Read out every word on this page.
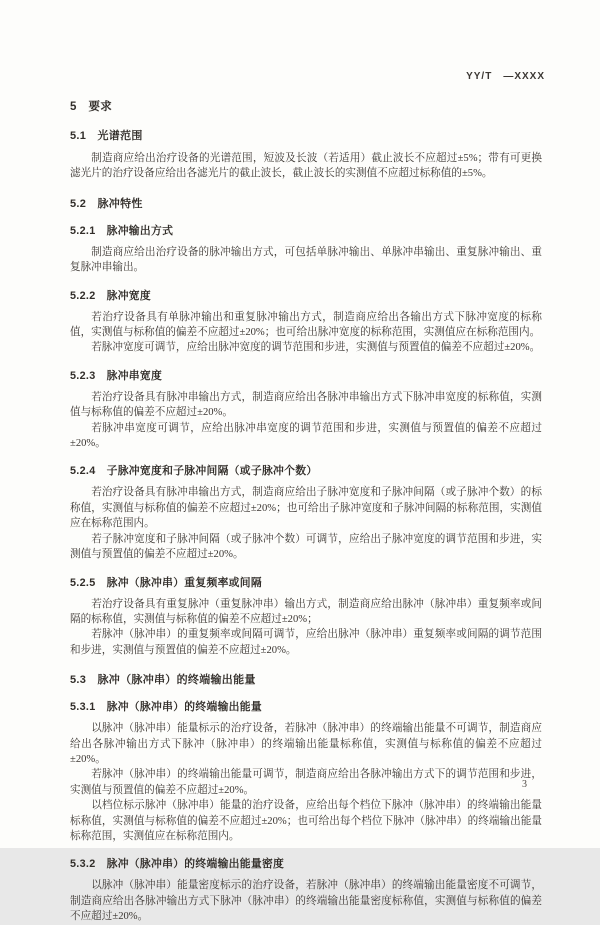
YY/T　—XXXX
5　要求
5.1　光谱范围

制造商应给出治疗设备的光谱范围，短波及长波（若适用）截止波长不应超过±5%；带有可更换滤光片的治疗设备应给出各滤光片的截止波长，截止波长的实测值不应超过标称值的±5%。

5.2　脉冲特性
5.2.1　脉冲输出方式

制造商应给出治疗设备的脉冲输出方式，可包括单脉冲输出、单脉冲串输出、重复脉冲输出、重复脉冲串输出。

5.2.2　脉冲宽度

若治疗设备具有单脉冲输出和重复脉冲输出方式，制造商应给出各输出方式下脉冲宽度的标称值，实测值与标称值的偏差不应超过±20%；也可给出脉冲宽度的标称范围，实测值应在标称范围内。

若脉冲宽度可调节，应给出脉冲宽度的调节范围和步进，实测值与预置值的偏差不应超过±20%。

5.2.3　脉冲串宽度

若治疗设备具有脉冲串输出方式，制造商应给出各脉冲串输出方式下脉冲串宽度的标称值，实测值与标称值的偏差不应超过±20%。

若脉冲串宽度可调节，应给出脉冲串宽度的调节范围和步进，实测值与预置值的偏差不应超过±20%。

5.2.4　子脉冲宽度和子脉冲间隔（或子脉冲个数）

若治疗设备具有脉冲串输出方式，制造商应给出子脉冲宽度和子脉冲间隔（或子脉冲个数）的标称值，实测值与标称值的偏差不应超过±20%；也可给出子脉冲宽度和子脉冲间隔的标称范围，实测值应在标称范围内。

若子脉冲宽度和子脉冲间隔（或子脉冲个数）可调节，应给出子脉冲宽度的调节范围和步进，实测值与预置值的偏差不应超过±20%。

5.2.5　脉冲（脉冲串）重复频率或间隔

若治疗设备具有重复脉冲（重复脉冲串）输出方式，制造商应给出脉冲（脉冲串）重复频率或间隔的标称值，实测值与标称值的偏差不应超过±20%；

若脉冲（脉冲串）的重复频率或间隔可调节，应给出脉冲（脉冲串）重复频率或间隔的调节范围和步进，实测值与预置值的偏差不应超过±20%。

5.3　脉冲（脉冲串）的终端输出能量
5.3.1　脉冲（脉冲串）的终端输出能量

以脉冲（脉冲串）能量标示的治疗设备，若脉冲（脉冲串）的终端输出能量不可调节，制造商应给出各脉冲输出方式下脉冲（脉冲串）的终端输出能量标称值，实测值与标称值的偏差不应超过±20%。

若脉冲（脉冲串）的终端输出能量可调节，制造商应给出各脉冲输出方式下的调节范围和步进，实测值与预置值的偏差不应超过±20%。

以档位标示脉冲（脉冲串）能量的治疗设备，应给出每个档位下脉冲（脉冲串）的终端输出能量标称值，实测值与标称值的偏差不应超过±20%；也可给出每个档位下脉冲（脉冲串）的终端输出能量标称范围，实测值应在标称范围内。

5.3.2　脉冲（脉冲串）的终端输出能量密度

以脉冲（脉冲串）能量密度标示的治疗设备，若脉冲（脉冲串）的终端输出能量密度不可调节，制造商应给出各脉冲输出方式下脉冲（脉冲串）的终端输出能量密度标称值，实测值与标称值的偏差不应超过±20%。

3
